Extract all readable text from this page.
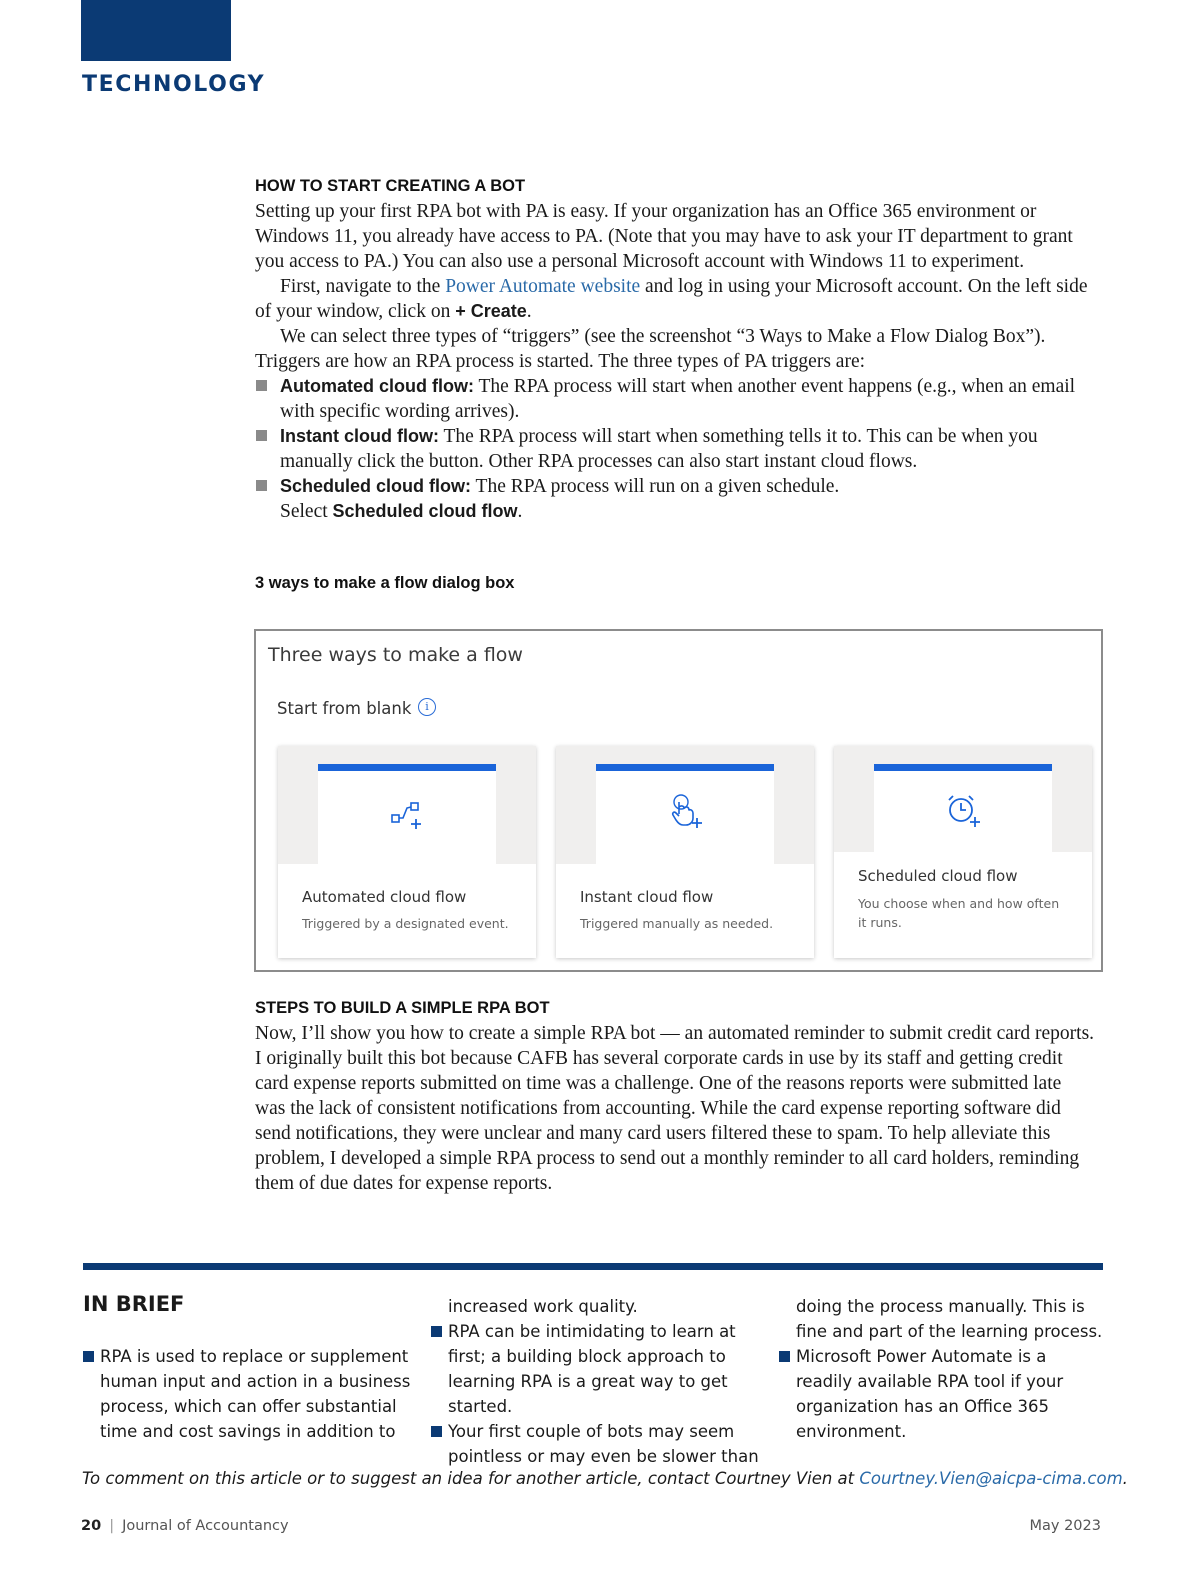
TECHNOLOGY
HOW TO START CREATING A BOT

Setting up your first RPA bot with PA is easy. If your organization has an Office 365 environment or Windows 11, you already have access to PA. (Note that you may have to ask your IT department to grant you access to PA.) You can also use a personal Microsoft account with Windows 11 to experiment.

First, navigate to the Power Automate website and log in using your Microsoft account. On the left side of your window, click on + Create.

We can select three types of “triggers” (see the screenshot “3 Ways to Make a Flow Dialog Box”). Triggers are how an RPA process is started. The three types of PA triggers are:

Automated cloud flow: The RPA process will start when another event happens (e.g., when an email with specific wording arrives).
Instant cloud flow: The RPA process will start when something tells it to. This can be when you manually click the button. Other RPA processes can also start instant cloud flows.
Scheduled cloud flow: The RPA process will run on a given schedule.

Select Scheduled cloud flow.

3 ways to make a flow dialog box
Three ways to make a flow
Start from blank	i
Automated cloud flow
Triggered by a designated event.
Instant cloud flow
Triggered manually as needed.
Scheduled cloud flow
You choose when and how often it runs.
STEPS TO BUILD A SIMPLE RPA BOT

Now, I’ll show you how to create a simple RPA bot — an automated reminder to submit credit card reports. I originally built this bot because CAFB has several corporate cards in use by its staff and getting credit card expense reports submitted on time was a challenge. One of the reasons reports were submitted late was the lack of consistent notifications from accounting. While the card expense reporting software did send notifications, they were unclear and many card users filtered these to spam. To help alleviate this problem, I developed a simple RPA process to send out a monthly reminder to all card holders, reminding them of due dates for expense reports.

IN BRIEF

RPA is used to replace or supplement human input and action in a business process, which can offer substantial time and cost savings in addition to

increased work quality.

RPA can be intimidating to learn at first; a building block approach to learning RPA is a great way to get started.

Your first couple of bots may seem pointless or may even be slower than

doing the process manually. This is fine and part of the learning process.

Microsoft Power Automate is a readily available RPA tool if your organization has an Office 365 environment.

To comment on this article or to suggest an idea for another article, contact Courtney Vien at Courtney.Vien@aicpa-cima.com.
20 | Journal of Accountancy	May 2023
